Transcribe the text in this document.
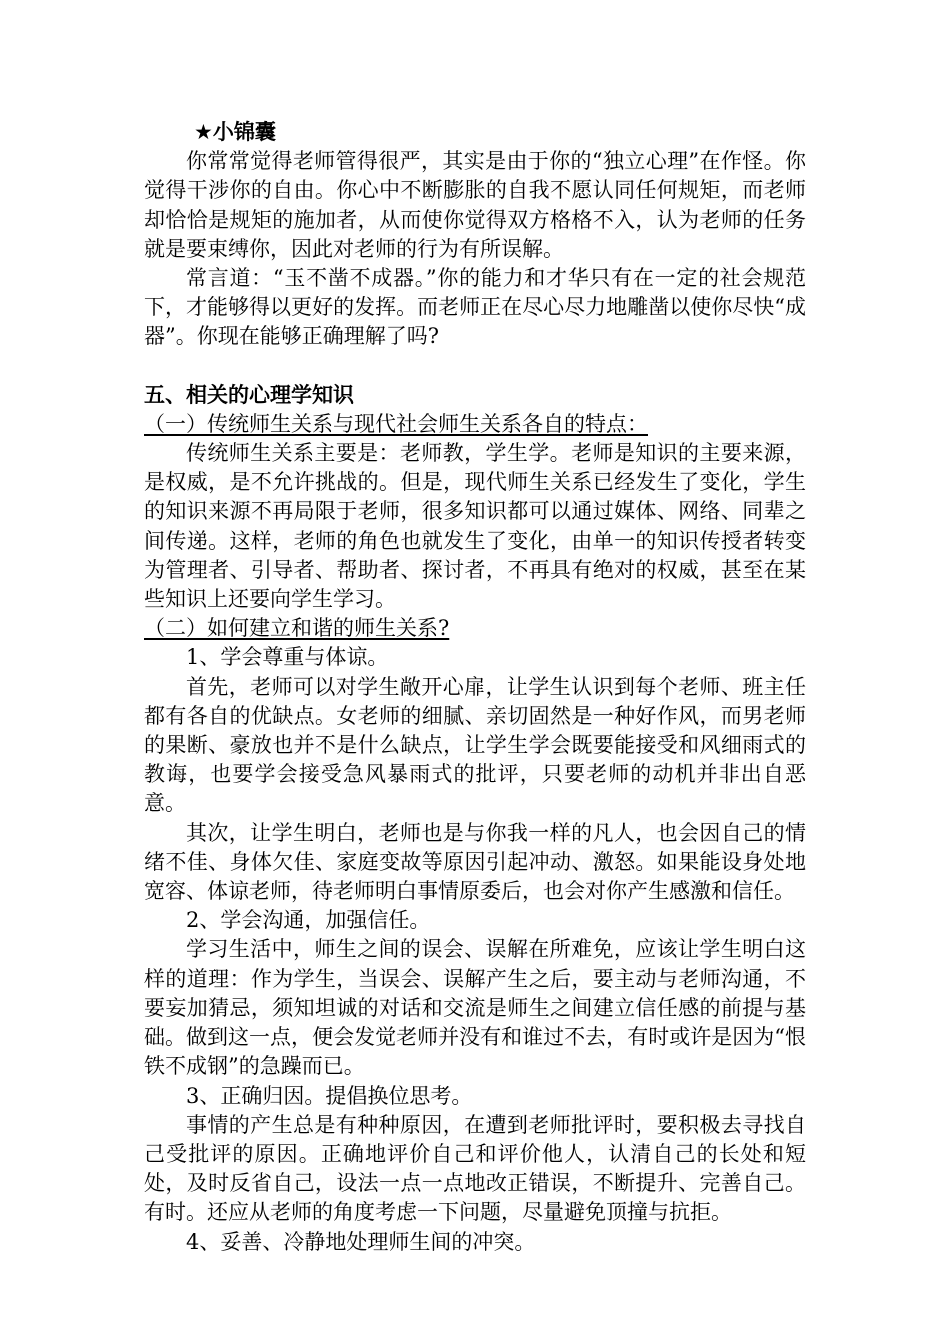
★小锦囊

你常常觉得老师管得很严，其实是由于你的“独立心理”在作怪。你觉得干涉你的自由。你心中不断膨胀的自我不愿认同任何规矩，而老师却恰恰是规矩的施加者，从而使你觉得双方格格不入，认为老师的任务就是要束缚你，因此对老师的行为有所误解。

常言道：“玉不凿不成器。”你的能力和才华只有在一定的社会规范下，才能够得以更好的发挥。而老师正在尽心尽力地雕凿以使你尽快“成器”。你现在能够正确理解了吗?

五、相关的心理学知识

（一）传统师生关系与现代社会师生关系各自的特点：

传统师生关系主要是：老师教，学生学。老师是知识的主要来源，是权威，是不允许挑战的。但是，现代师生关系已经发生了变化，学生的知识来源不再局限于老师，很多知识都可以通过媒体、网络、同辈之间传递。这样，老师的角色也就发生了变化，由单一的知识传授者转变为管理者、引导者、帮助者、探讨者，不再具有绝对的权威，甚至在某些知识上还要向学生学习。

（二）如何建立和谐的师生关系?

1、学会尊重与体谅。

首先，老师可以对学生敞开心扉，让学生认识到每个老师、班主任都有各自的优缺点。女老师的细腻、亲切固然是一种好作风，而男老师的果断、豪放也并不是什么缺点，让学生学会既要能接受和风细雨式的教诲，也要学会接受急风暴雨式的批评，只要老师的动机并非出自恶意。

其次，让学生明白，老师也是与你我一样的凡人，也会因自己的情绪不佳、身体欠佳、家庭变故等原因引起冲动、激怒。如果能设身处地宽容、体谅老师，待老师明白事情原委后，也会对你产生感激和信任。

2、学会沟通，加强信任。

学习生活中，师生之间的误会、误解在所难免，应该让学生明白这样的道理：作为学生，当误会、误解产生之后，要主动与老师沟通，不要妄加猜忌，须知坦诚的对话和交流是师生之间建立信任感的前提与基础。做到这一点，便会发觉老师并没有和谁过不去，有时或许是因为“恨铁不成钢”的急躁而已。

3、正确归因。提倡换位思考。

事情的产生总是有种种原因，在遭到老师批评时，要积极去寻找自己受批评的原因。正确地评价自己和评价他人，认清自己的长处和短处，及时反省自己，设法一点一点地改正错误，不断提升、完善自己。有时。还应从老师的角度考虑一下问题，尽量避免顶撞与抗拒。

4、妥善、冷静地处理师生间的冲突。
